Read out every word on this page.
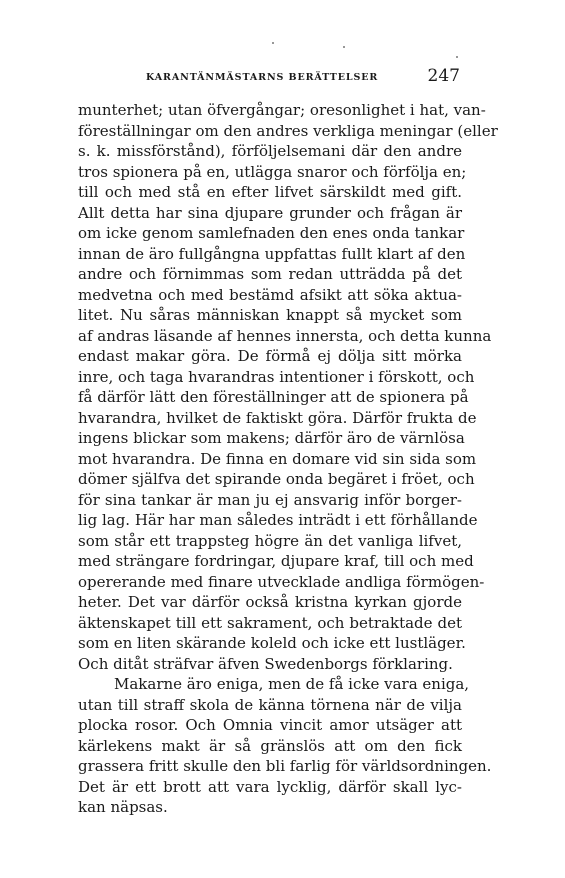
KARANTÄNMÄSTARNS BERÄTTELSER	247
munterhet; utan öfvergångar; oresonlighet i hat, van-
föreställningar om den andres verkliga meningar (eller
s. k. missförstånd), förföljelsemani där den andre
tros spionera på en, utlägga snaror och förfölja en;
till och med stå en efter lifvet särskildt med gift.
Allt detta har sina djupare grunder och frågan är
om icke genom samlefnaden den enes onda tankar
innan de äro fullgångna uppfattas fullt klart af den
andre och förnimmas som redan utträdda på det
medvetna och med bestämd afsikt att söka aktua-
litet. Nu såras människan knappt så mycket som
af andras läsande af hennes innersta, och detta kunna
endast makar göra. De förmå ej dölja sitt mörka
inre, och taga hvarandras intentioner i förskott, och
få därför lätt den föreställninger att de spionera på
hvarandra, hvilket de faktiskt göra. Därför frukta de
ingens blickar som makens; därför äro de värnlösa
mot hvarandra. De finna en domare vid sin sida som
dömer själfva det spirande onda begäret i fröet, och
för sina tankar är man ju ej ansvarig inför borger-
lig lag. Här har man således inträdt i ett förhållande
som står ett trappsteg högre än det vanliga lifvet,
med strängare fordringar, djupare kraf, till och med
opererande med finare utvecklade andliga förmögen-
heter. Det var därför också kristna kyrkan gjorde
äktenskapet till ett sakrament, och betraktade det
som en liten skärande koleld och icke ett lustläger.
Och ditåt sträfvar äfven Swedenborgs förklaring.
Makarne äro eniga, men de få icke vara eniga,
utan till straff skola de känna törnena när de vilja
plocka rosor. Och Omnia vincit amor utsäger att
kärlekens makt är så gränslös att om den fick
grassera fritt skulle den bli farlig för världsordningen.
Det är ett brott att vara lycklig, därför skall lyc-
kan näpsas.
